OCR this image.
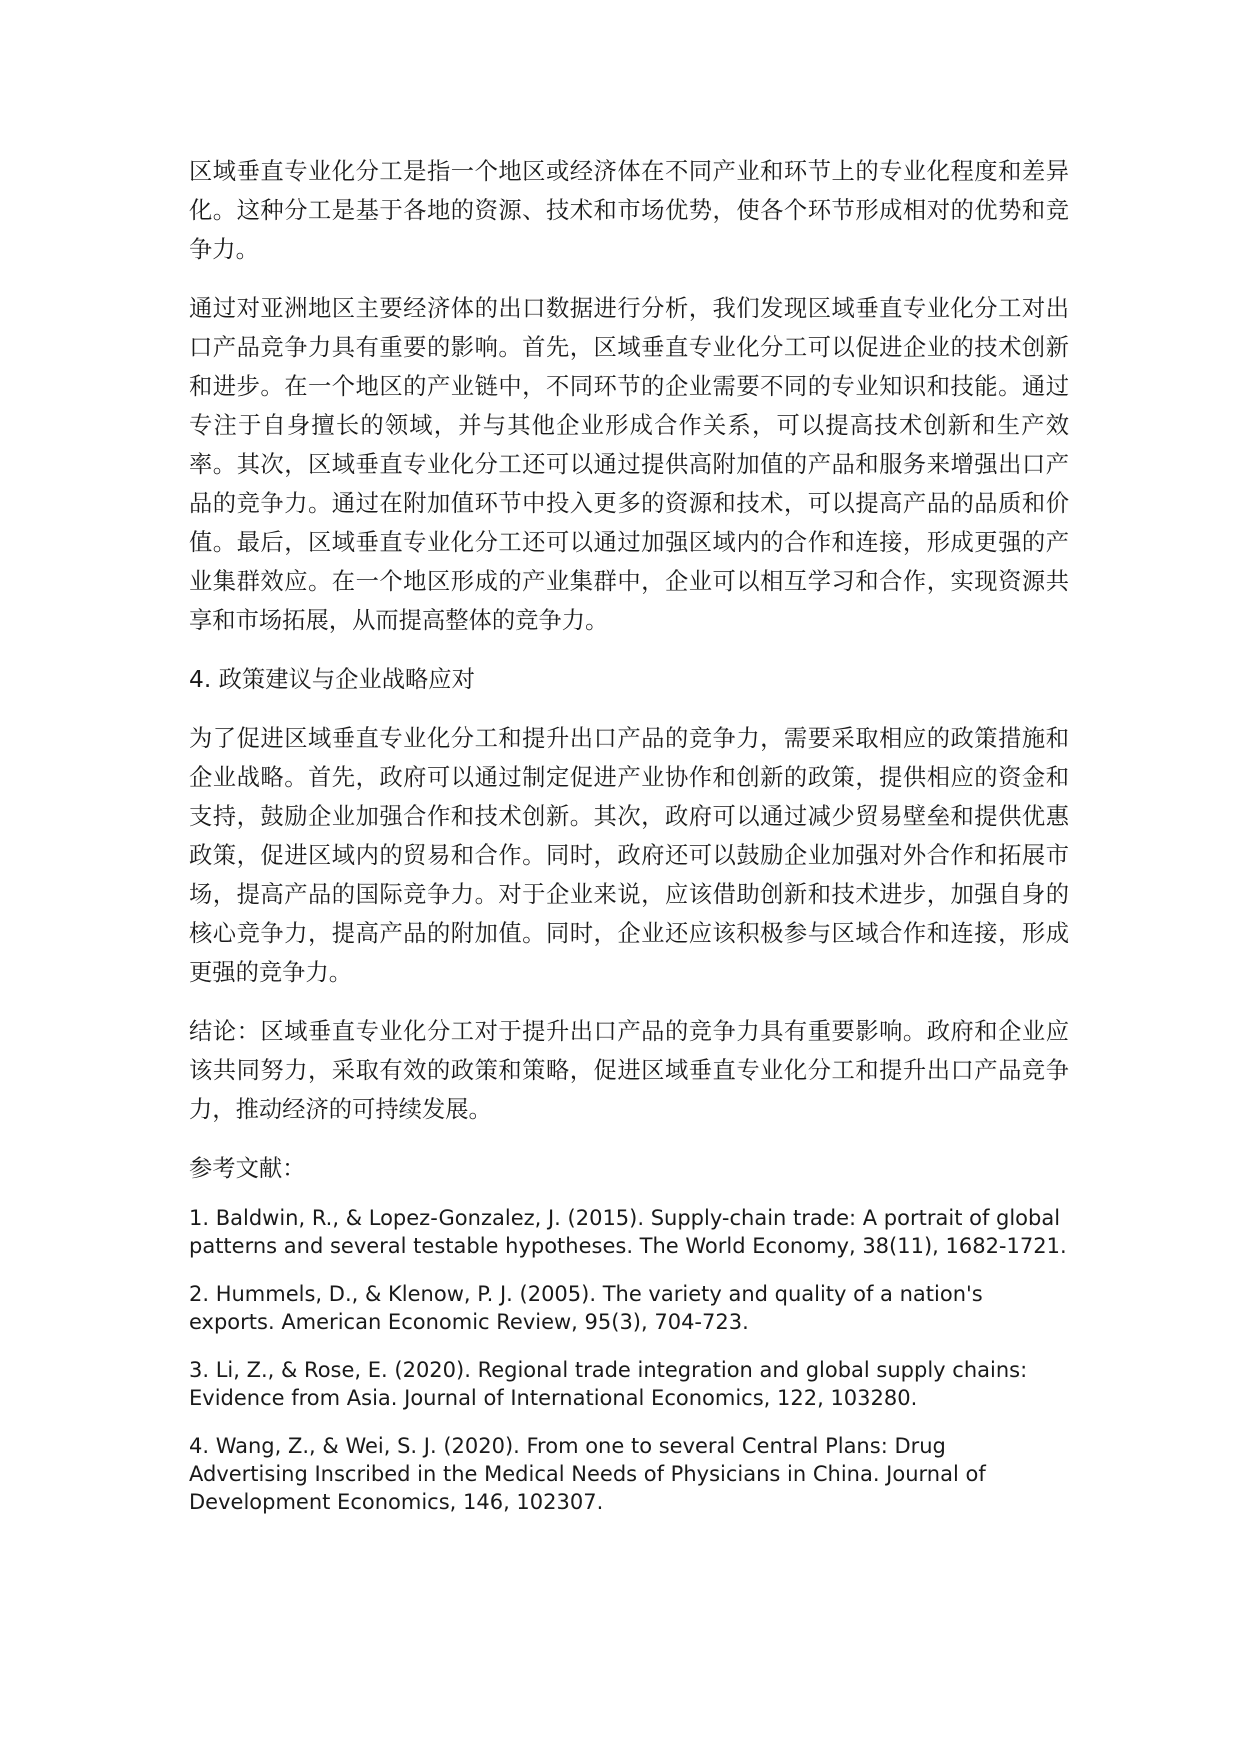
区域垂直专业化分工是指一个地区或经济体在不同产业和环节上的专业化程度和差异化。这种分工是基于各地的资源、技术和市场优势，使各个环节形成相对的优势和竞争力。

通过对亚洲地区主要经济体的出口数据进行分析，我们发现区域垂直专业化分工对出口产品竞争力具有重要的影响。首先，区域垂直专业化分工可以促进企业的技术创新和进步。在一个地区的产业链中，不同环节的企业需要不同的专业知识和技能。通过专注于自身擅长的领域，并与其他企业形成合作关系，可以提高技术创新和生产效率。其次，区域垂直专业化分工还可以通过提供高附加值的产品和服务来增强出口产品的竞争力。通过在附加值环节中投入更多的资源和技术，可以提高产品的品质和价值。最后，区域垂直专业化分工还可以通过加强区域内的合作和连接，形成更强的产业集群效应。在一个地区形成的产业集群中，企业可以相互学习和合作，实现资源共享和市场拓展，从而提高整体的竞争力。

4. 政策建议与企业战略应对

为了促进区域垂直专业化分工和提升出口产品的竞争力，需要采取相应的政策措施和企业战略。首先，政府可以通过制定促进产业协作和创新的政策，提供相应的资金和支持，鼓励企业加强合作和技术创新。其次，政府可以通过减少贸易壁垒和提供优惠政策，促进区域内的贸易和合作。同时，政府还可以鼓励企业加强对外合作和拓展市场，提高产品的国际竞争力。对于企业来说，应该借助创新和技术进步，加强自身的核心竞争力，提高产品的附加值。同时，企业还应该积极参与区域合作和连接，形成更强的竞争力。

结论：区域垂直专业化分工对于提升出口产品的竞争力具有重要影响。政府和企业应该共同努力，采取有效的政策和策略，促进区域垂直专业化分工和提升出口产品竞争力，推动经济的可持续发展。

参考文献：

1. Baldwin, R., & Lopez-Gonzalez, J. (2015). Supply-chain trade: A portrait of global patterns and several testable hypotheses. The World Economy, 38(11), 1682-1721.

2. Hummels, D., & Klenow, P. J. (2005). The variety and quality of a nation's exports. American Economic Review, 95(3), 704-723.

3. Li, Z., & Rose, E. (2020). Regional trade integration and global supply chains: Evidence from Asia. Journal of International Economics, 122, 103280.

4. Wang, Z., & Wei, S. J. (2020). From one to several Central Plans: Drug Advertising Inscribed in the Medical Needs of Physicians in China. Journal of Development Economics, 146, 102307.
